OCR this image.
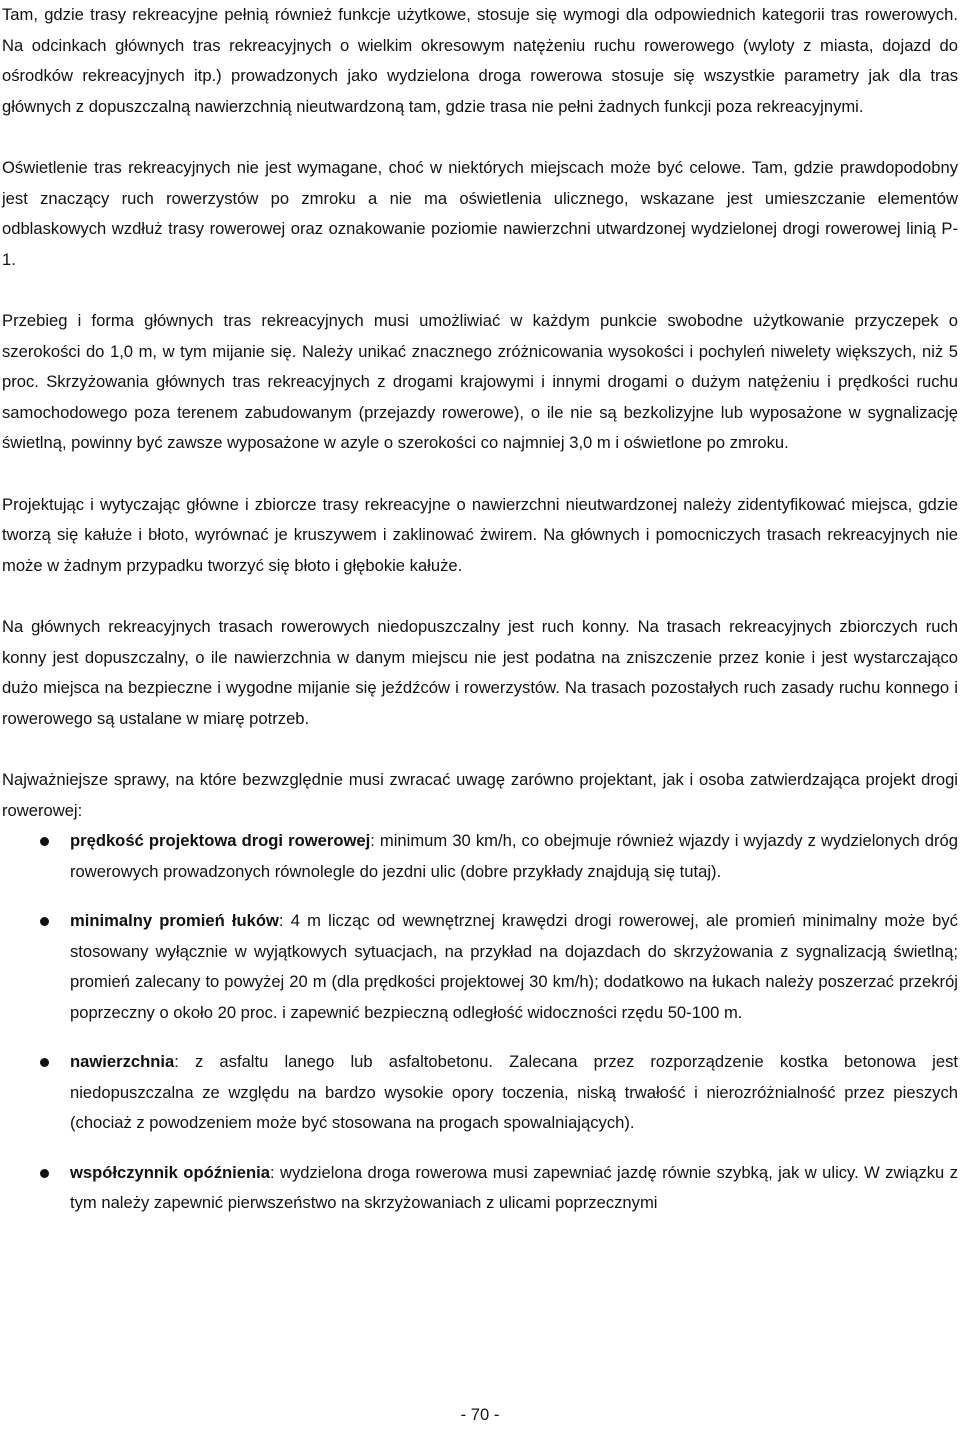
Tam, gdzie trasy rekreacyjne pełnią również funkcje użytkowe, stosuje się wymogi dla odpowiednich kategorii tras rowerowych. Na odcinkach głównych tras rekreacyjnych o wielkim okresowym natężeniu ruchu rowerowego (wyloty z miasta, dojazd do ośrodków rekreacyjnych itp.) prowadzonych jako wydzielona droga rowerowa stosuje się wszystkie parametry jak dla tras głównych z dopuszczalną nawierzchnią nieutwardzoną tam, gdzie trasa nie pełni żadnych funkcji poza rekreacyjnymi.

Oświetlenie tras rekreacyjnych nie jest wymagane, choć w niektórych miejscach może być celowe. Tam, gdzie prawdopodobny jest znaczący ruch rowerzystów po zmroku a nie ma oświetlenia ulicznego, wskazane jest umieszczanie elementów odblaskowych wzdłuż trasy rowerowej oraz oznakowanie poziomie nawierzchni utwardzonej wydzielonej drogi rowerowej linią P-1.

Przebieg i forma głównych tras rekreacyjnych musi umożliwiać w każdym punkcie swobodne użytkowanie przyczepek o szerokości do 1,0 m, w tym mijanie się. Należy unikać znacznego zróżnicowania wysokości i pochyleń niwelety większych, niż 5 proc. Skrzyżowania głównych tras rekreacyjnych z drogami krajowymi i innymi drogami o dużym natężeniu i prędkości ruchu samochodowego poza terenem zabudowanym (przejazdy rowerowe), o ile nie są bezkolizyjne lub wyposażone w sygnalizację świetlną, powinny być zawsze wyposażone w azyle o szerokości co najmniej 3,0 m i oświetlone po zmroku.

Projektując i wytyczając główne i zbiorcze trasy rekreacyjne o nawierzchni nieutwardzonej należy zidentyfikować miejsca, gdzie tworzą się kałuże i błoto, wyrównać je kruszywem i zaklinować żwirem. Na głównych i pomocniczych trasach rekreacyjnych nie może w żadnym przypadku tworzyć się błoto i głębokie kałuże.

Na głównych rekreacyjnych trasach rowerowych niedopuszczalny jest ruch konny. Na trasach rekreacyjnych zbiorczych ruch konny jest dopuszczalny, o ile nawierzchnia w danym miejscu nie jest podatna na zniszczenie przez konie i jest wystarczająco dużo miejsca na bezpieczne i wygodne mijanie się jeźdźców i rowerzystów. Na trasach pozostałych ruch zasady ruchu konnego i rowerowego są ustalane w miarę potrzeb.

Najważniejsze sprawy, na które bezwzględnie musi zwracać uwagę zarówno projektant, jak i osoba zatwierdzająca projekt drogi rowerowej:

prędkość projektowa drogi rowerowej: minimum 30 km/h, co obejmuje również wjazdy i wyjazdy z wydzielonych dróg rowerowych prowadzonych równolegle do jezdni ulic (dobre przykłady znajdują się tutaj).
minimalny promień łuków: 4 m licząc od wewnętrznej krawędzi drogi rowerowej, ale promień minimalny może być stosowany wyłącznie w wyjątkowych sytuacjach, na przykład na dojazdach do skrzyżowania z sygnalizacją świetlną; promień zalecany to powyżej 20 m (dla prędkości projektowej 30 km/h); dodatkowo na łukach należy poszerzać przekrój poprzeczny o około 20 proc. i zapewnić bezpieczną odległość widoczności rzędu 50-100 m.
nawierzchnia: z asfaltu lanego lub asfaltobetonu. Zalecana przez rozporządzenie kostka betonowa jest niedopuszczalna ze względu na bardzo wysokie opory toczenia, niską trwałość i nierozróżnialność przez pieszych (chociaż z powodzeniem może być stosowana na progach spowalniających).
współczynnik opóźnienia: wydzielona droga rowerowa musi zapewniać jazdę równie szybką, jak w ulicy. W związku z tym należy zapewnić pierwszeństwo na skrzyżowaniach z ulicami poprzecznymi
- 70 -
